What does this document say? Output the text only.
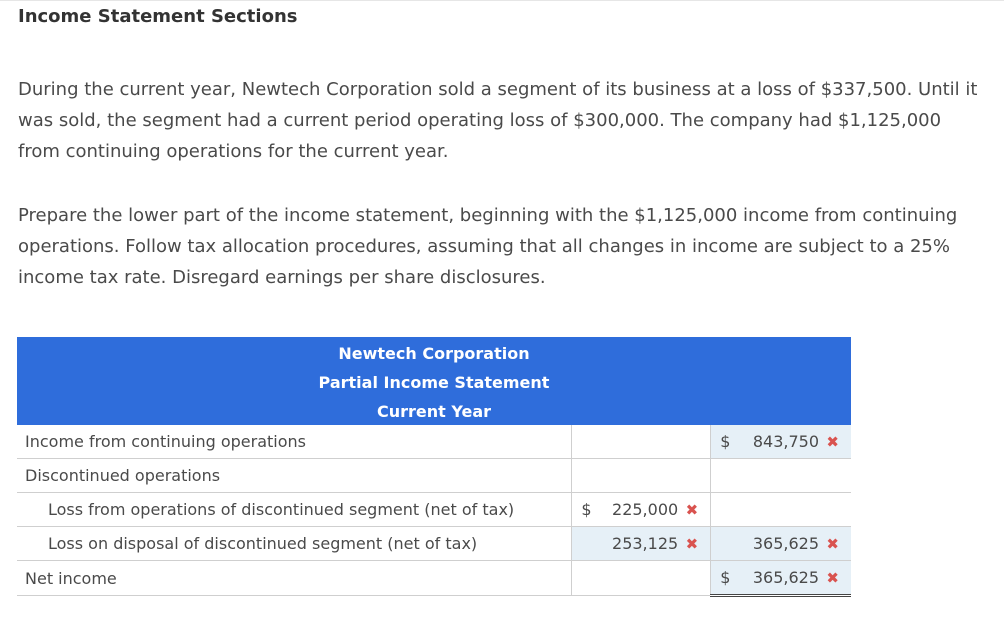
Income Statement Sections
During the current year, Newtech Corporation sold a segment of its business at a loss of $337,500. Until it was sold, the segment had a current period operating loss of $300,000. The company had $1,125,000 from continuing operations for the current year.
Prepare the lower part of the income statement, beginning with the $1,125,000 income from continuing operations. Follow tax allocation procedures, assuming that all changes in income are subject to a 25% income tax rate. Disregard earnings per share disclosures.
Newtech Corporation
Partial Income Statement
Current Year
Income from continuing operations		$ 843,750 ✖

Discontinued operations		
Loss from operations of discontinued segment (net of tax)	$ 225,000 ✖	

Loss on disposal of discontinued segment (net of tax)	253,125 ✖	365,625 ✖

Net income		$ 365,625 ✖
